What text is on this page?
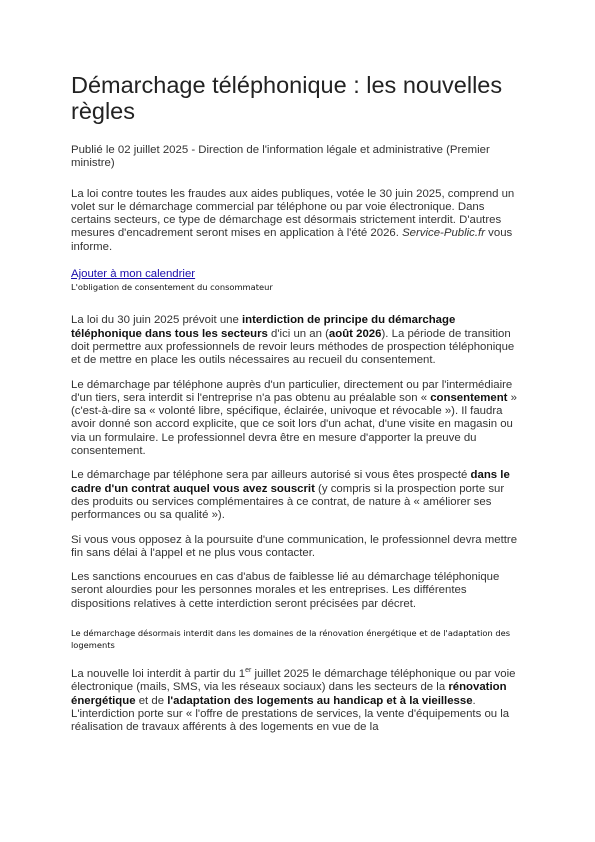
Démarchage téléphonique : les nouvelles règles

Publié le 02 juillet 2025 - Direction de l'information légale et administrative (Premier ministre)

La loi contre toutes les fraudes aux aides publiques, votée le 30 juin 2025, comprend un volet sur le démarchage commercial par téléphone ou par voie électronique. Dans certains secteurs, ce type de démarchage est désormais strictement interdit. D'autres mesures d'encadrement seront mises en application à l'été 2026. Service-Public.fr vous informe.

Ajouter à mon calendrier
L'obligation de consentement du consommateur

La loi du 30 juin 2025 prévoit une interdiction de principe du démarchage téléphonique dans tous les secteurs d'ici un an (août 2026). La période de transition doit permettre aux professionnels de revoir leurs méthodes de prospection téléphonique et de mettre en place les outils nécessaires au recueil du consentement.

Le démarchage par téléphone auprès d'un particulier, directement ou par l'intermédiaire d'un tiers, sera interdit si l'entreprise n'a pas obtenu au préalable son « consentement » (c'est-à-dire sa « volonté libre, spécifique, éclairée, univoque et révocable »). Il faudra avoir donné son accord explicite, que ce soit lors d'un achat, d'une visite en magasin ou via un formulaire. Le professionnel devra être en mesure d'apporter la preuve du consentement.

Le démarchage par téléphone sera par ailleurs autorisé si vous êtes prospecté dans le cadre d'un contrat auquel vous avez souscrit (y compris si la prospection porte sur des produits ou services complémentaires à ce contrat, de nature à « améliorer ses performances ou sa qualité »).

Si vous vous opposez à la poursuite d'une communication, le professionnel devra mettre fin sans délai à l'appel et ne plus vous contacter.

Les sanctions encourues en cas d'abus de faiblesse lié au démarchage téléphonique seront alourdies pour les personnes morales et les entreprises. Les différentes dispositions relatives à cette interdiction seront précisées par décret.

Le démarchage désormais interdit dans les domaines de la rénovation énergétique et de l'adaptation des logements

La nouvelle loi interdit à partir du 1er juillet 2025 le démarchage téléphonique ou par voie électronique (mails, SMS, via les réseaux sociaux) dans les secteurs de la rénovation énergétique et de l'adaptation des logements au handicap et à la vieillesse. L'interdiction porte sur « l'offre de prestations de services, la vente d'équipements ou la réalisation de travaux afférents à des logements en vue de la
